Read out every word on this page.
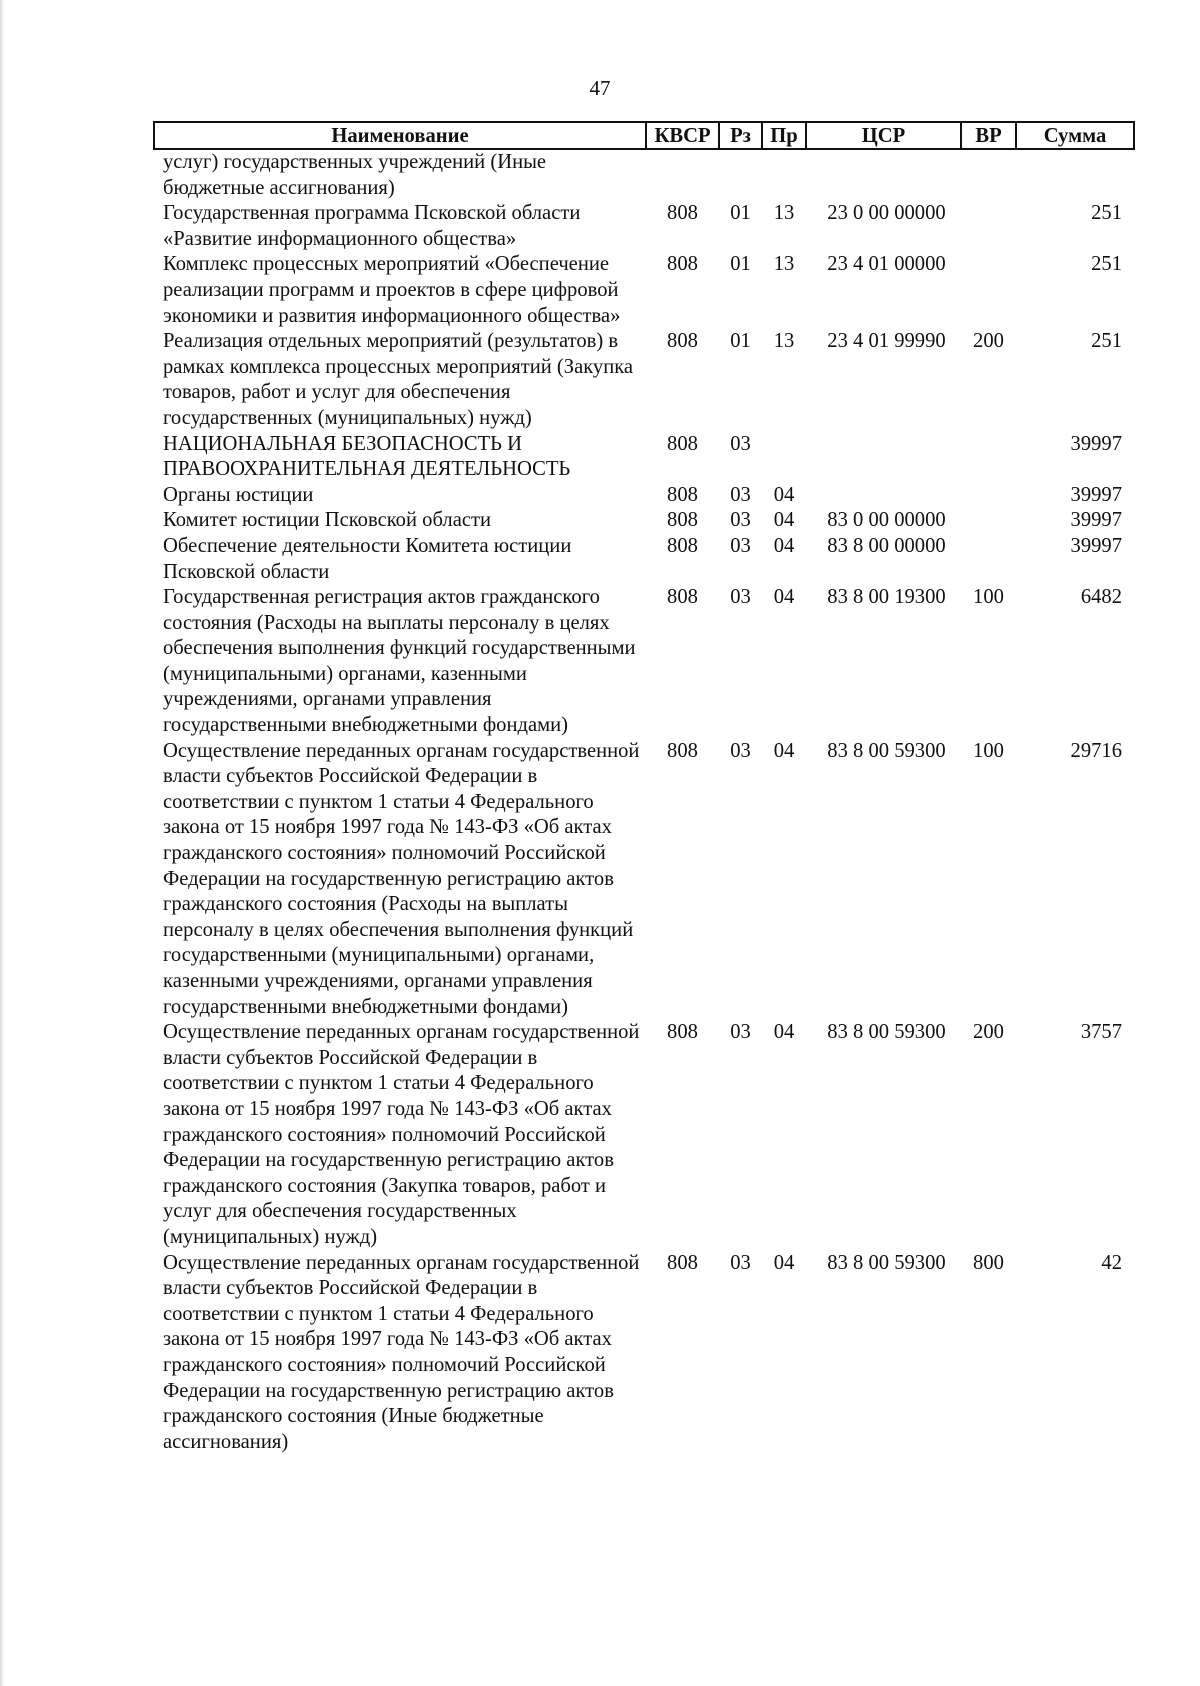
47
Наименование	КВСР	Рз	Пр	ЦСР	ВР	Сумма
услуг) государственных учреждений (Иные бюджетные ассигнования)						
Государственная программа Псковской области «Развитие информационного общества»	808	01	13	23 0 00 00000		251
Комплекс процессных мероприятий «Обеспечение реализации программ и проектов в сфере цифровой экономики и развития информационного общества»	808	01	13	23 4 01 00000		251
Реализация отдельных мероприятий (результатов) в рамках комплекса процессных мероприятий (Закупка товаров, работ и услуг для обеспечения государственных (муниципальных) нужд)	808	01	13	23 4 01 99990	200	251
НАЦИОНАЛЬНАЯ БЕЗОПАСНОСТЬ И ПРАВООХРАНИТЕЛЬНАЯ ДЕЯТЕЛЬНОСТЬ	808	03				39997
Органы юстиции	808	03	04			39997
Комитет юстиции Псковской области	808	03	04	83 0 00 00000		39997
Обеспечение деятельности Комитета юстиции Псковской области	808	03	04	83 8 00 00000		39997
Государственная регистрация актов гражданского состояния (Расходы на выплаты персоналу в целях обеспечения выполнения функций государственными (муниципальными) органами, казенными учреждениями, органами управления государственными внебюджетными фондами)	808	03	04	83 8 00 19300	100	6482
Осуществление переданных органам государственной власти субъектов Российской Федерации в соответствии с пунктом 1 статьи 4 Федерального закона от 15 ноября 1997 года № 143-ФЗ «Об актах гражданского состояния» полномочий Российской Федерации на государственную регистрацию актов гражданского состояния (Расходы на выплаты персоналу в целях обеспечения выполнения функций государственными (муниципальными) органами, казенными учреждениями, органами управления государственными внебюджетными фондами)	808	03	04	83 8 00 59300	100	29716
Осуществление переданных органам государственной власти субъектов Российской Федерации в соответствии с пунктом 1 статьи 4 Федерального закона от 15 ноября 1997 года № 143-ФЗ «Об актах гражданского состояния» полномочий Российской Федерации на государственную регистрацию актов гражданского состояния (Закупка товаров, работ и услуг для обеспечения государственных (муниципальных) нужд)	808	03	04	83 8 00 59300	200	3757
Осуществление переданных органам государственной власти субъектов Российской Федерации в соответствии с пунктом 1 статьи 4 Федерального закона от 15 ноября 1997 года № 143-ФЗ «Об актах гражданского состояния» полномочий Российской Федерации на государственную регистрацию актов гражданского состояния (Иные бюджетные ассигнования)	808	03	04	83 8 00 59300	800	42
